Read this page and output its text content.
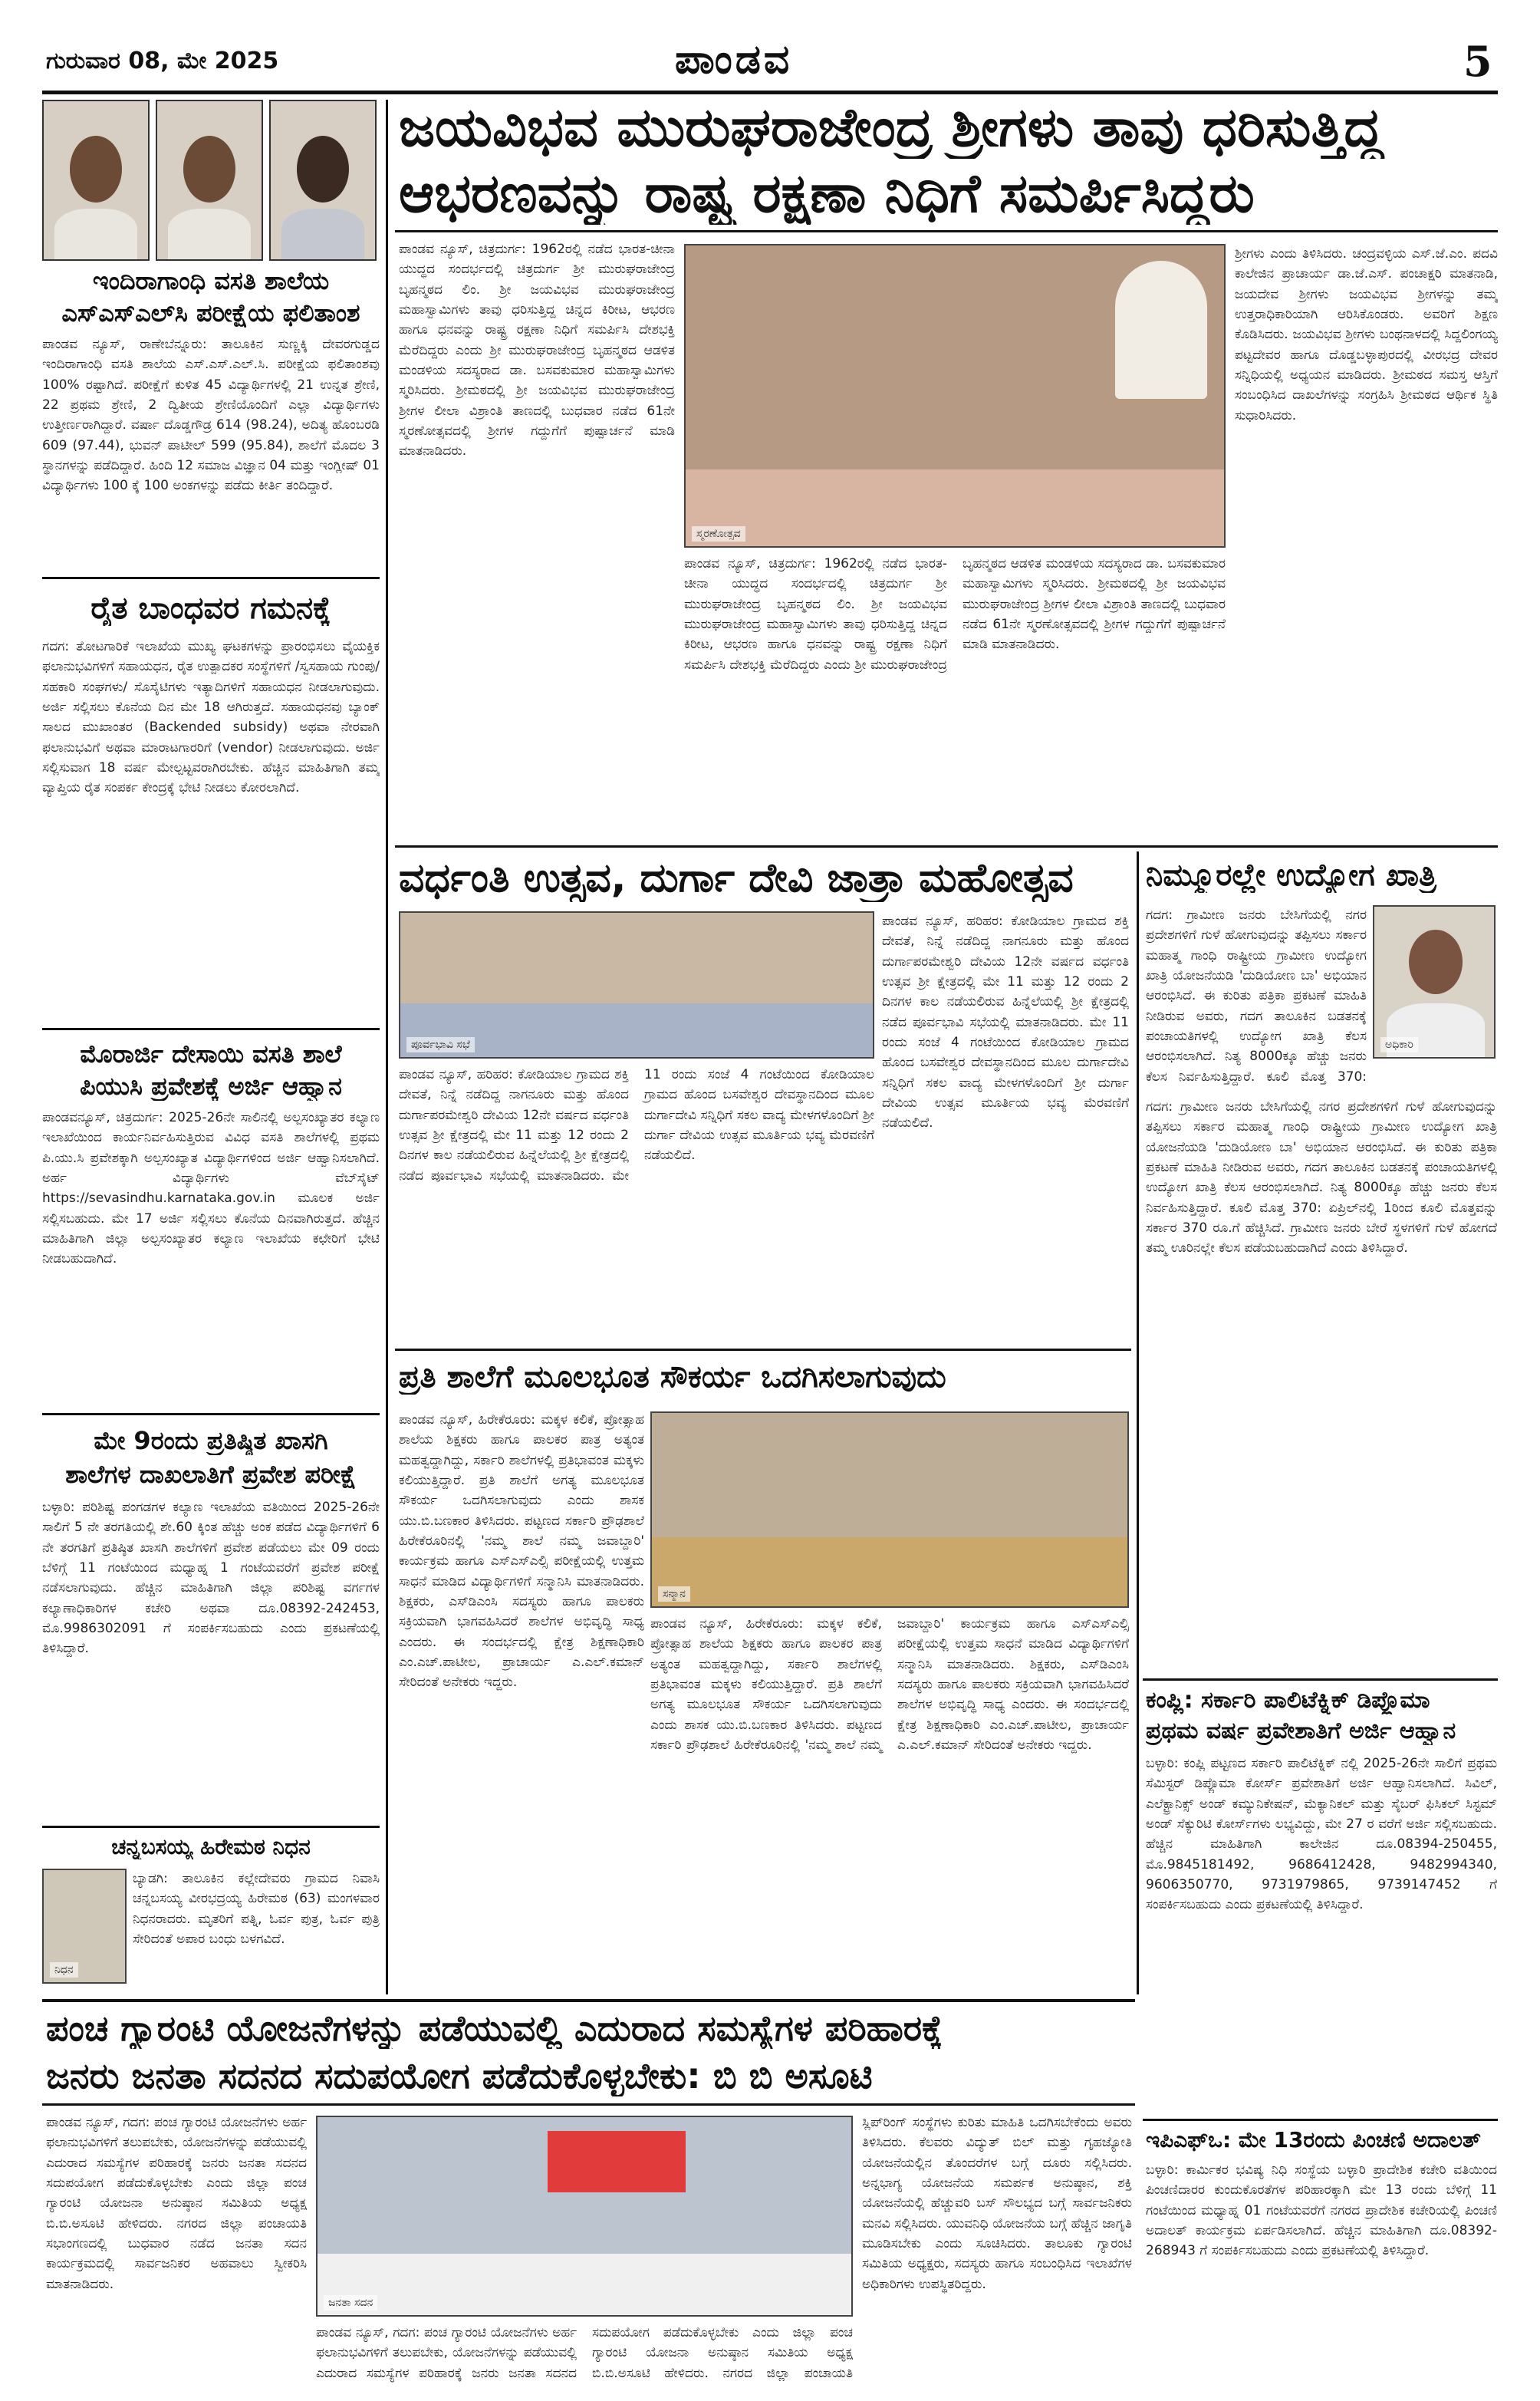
ಗುರುವಾರ 08, ಮೇ 2025	ಪಾಂಡವ	5
ಇಂದಿರಾಗಾಂಧಿ ವಸತಿ ಶಾಲೆಯ
ಎಸ್‌ಎಸ್‌ಎಲ್‌ಸಿ ಪರೀಕ್ಷೆಯ ಫಲಿತಾಂಶ
ಪಾಂಡವ ನ್ಯೂಸ್, ರಾಣೇಬೆನ್ನೂರು: ತಾಲೂಕಿನ ಸುಣ್ಣಕ್ಕಿ ದೇವರಗುಡ್ಡದ ಇಂದಿರಾಗಾಂಧಿ ವಸತಿ ಶಾಲೆಯ ಎಸ್.ಎಸ್.ಎಲ್.ಸಿ. ಪರೀಕ್ಷೆಯ ಫಲಿತಾಂಶವು 100% ರಷ್ಟಾಗಿದೆ. ಪರೀಕ್ಷೆಗೆ ಕುಳಿತ 45 ವಿದ್ಯಾರ್ಥಿಗಳಲ್ಲಿ 21 ಉನ್ನತ ಶ್ರೇಣಿ, 22 ಪ್ರಥಮ ಶ್ರೇಣಿ, 2 ದ್ವಿತೀಯ ಶ್ರೇಣಿಯೊಂದಿಗೆ ಎಲ್ಲಾ ವಿದ್ಯಾರ್ಥಿಗಳು ಉತ್ತೀರ್ಣರಾಗಿದ್ದಾರೆ. ವರ್ಷಾ ದೊಡ್ಡಗೌಡ್ರ 614 (98.24), ಅದಿತ್ಯ ಹೊಂಬರಡಿ 609 (97.44), ಭುವನ್ ಪಾಟೀಲ್ 599 (95.84), ಶಾಲೆಗೆ ಮೊದಲ 3 ಸ್ಥಾನಗಳನ್ನು ಪಡೆದಿದ್ದಾರೆ. ಹಿಂದಿ 12 ಸಮಾಜ ವಿಜ್ಞಾನ 04 ಮತ್ತು ಇಂಗ್ಲೀಷ್ 01 ವಿದ್ಯಾರ್ಥಿಗಳು 100 ಕ್ಕೆ 100 ಅಂಕಗಳನ್ನು ಪಡೆದು ಕೀರ್ತಿ ತಂದಿದ್ದಾರೆ.
ರೈತ ಬಾಂಧವರ ಗಮನಕ್ಕೆ
ಗದಗ: ತೋಟಗಾರಿಕೆ ಇಲಾಖೆಯ ಮುಖ್ಯ ಘಟಕಗಳನ್ನು ಪ್ರಾರಂಭಿಸಲು ವೈಯಕ್ತಿಕ ಫಲಾನುಭವಿಗಳಿಗೆ ಸಹಾಯಧನ, ರೈತ ಉತ್ಪಾದಕರ ಸಂಸ್ಥೆಗಳಿಗೆ /ಸ್ವಸಹಾಯ ಗುಂಪು/ಸಹಕಾರಿ ಸಂಘಗಳು/ ಸೊಸೈಟಿಗಳು ಇತ್ಯಾದಿಗಳಿಗೆ ಸಹಾಯಧನ ನೀಡಲಾಗುವುದು. ಅರ್ಜಿ ಸಲ್ಲಿಸಲು ಕೊನೆಯ ದಿನ ಮೇ 18 ಆಗಿರುತ್ತದೆ. ಸಹಾಯಧನವು ಬ್ಯಾಂಕ್ ಸಾಲದ ಮುಖಾಂತರ (Backended subsidy) ಅಥವಾ ನೇರವಾಗಿ ಫಲಾನುಭವಿಗೆ ಅಥವಾ ಮಾರಾಟಗಾರರಿಗೆ (vendor) ನೀಡಲಾಗುವುದು. ಅರ್ಜಿ ಸಲ್ಲಿಸುವಾಗ 18 ವರ್ಷ ಮೇಲ್ಪಟ್ಟವರಾಗಿರಬೇಕು. ಹೆಚ್ಚಿನ ಮಾಹಿತಿಗಾಗಿ ತಮ್ಮ ವ್ಯಾಪ್ತಿಯ ರೈತ ಸಂಪರ್ಕ ಕೇಂದ್ರಕ್ಕೆ ಭೇಟಿ ನೀಡಲು ಕೋರಲಾಗಿದೆ.
ಮೊರಾರ್ಜಿ ದೇಸಾಯಿ ವಸತಿ ಶಾಲೆ
ಪಿಯುಸಿ ಪ್ರವೇಶಕ್ಕೆ ಅರ್ಜಿ ಆಹ್ವಾನ
ಪಾಂಡವನ್ಯೂಸ್, ಚಿತ್ರದುರ್ಗ: 2025-26ನೇ ಸಾಲಿನಲ್ಲಿ ಅಲ್ಪಸಂಖ್ಯಾತರ ಕಲ್ಯಾಣ ಇಲಾಖೆಯಿಂದ ಕಾರ್ಯನಿರ್ವಹಿಸುತ್ತಿರುವ ವಿವಿಧ ವಸತಿ ಶಾಲೆಗಳಲ್ಲಿ ಪ್ರಥಮ ಪಿ.ಯು.ಸಿ ಪ್ರವೇಶಕ್ಕಾಗಿ ಅಲ್ಪಸಂಖ್ಯಾತ ವಿದ್ಯಾರ್ಥಿಗಳಿಂದ ಅರ್ಜಿ ಆಹ್ವಾನಿಸಲಾಗಿದೆ. ಅರ್ಹ ವಿದ್ಯಾರ್ಥಿಗಳು ವೆಬ್‌ಸೈಟ್ https://sevasindhu.karnataka.gov.in ಮೂಲಕ ಅರ್ಜಿ ಸಲ್ಲಿಸಬಹುದು. ಮೇ 17 ಅರ್ಜಿ ಸಲ್ಲಿಸಲು ಕೊನೆಯ ದಿನವಾಗಿರುತ್ತದೆ. ಹೆಚ್ಚಿನ ಮಾಹಿತಿಗಾಗಿ ಜಿಲ್ಲಾ ಅಲ್ಪಸಂಖ್ಯಾತರ ಕಲ್ಯಾಣ ಇಲಾಖೆಯ ಕಛೇರಿಗೆ ಭೇಟಿ ನೀಡಬಹುದಾಗಿದೆ.
ಮೇ 9ರಂದು ಪ್ರತಿಷ್ಠಿತ ಖಾಸಗಿ
ಶಾಲೆಗಳ ದಾಖಲಾತಿಗೆ ಪ್ರವೇಶ ಪರೀಕ್ಷೆ
ಬಳ್ಳಾರಿ: ಪರಿಶಿಷ್ಟ ಪಂಗಡಗಳ ಕಲ್ಯಾಣ ಇಲಾಖೆಯ ವತಿಯಿಂದ 2025-26ನೇ ಸಾಲಿಗೆ 5 ನೇ ತರಗತಿಯಲ್ಲಿ ಶೇ.60 ಕ್ಕಿಂತ ಹೆಚ್ಚು ಅಂಕ ಪಡೆದ ವಿದ್ಯಾರ್ಥಿಗಳಿಗೆ 6 ನೇ ತರಗತಿಗೆ ಪ್ರತಿಷ್ಠಿತ ಖಾಸಗಿ ಶಾಲೆಗಳಿಗೆ ಪ್ರವೇಶ ಪಡೆಯಲು ಮೇ 09 ರಂದು ಬೆಳಿಗ್ಗೆ 11 ಗಂಟೆಯಿಂದ ಮಧ್ಯಾಹ್ನ 1 ಗಂಟೆಯವರೆಗೆ ಪ್ರವೇಶ ಪರೀಕ್ಷೆ ನಡೆಸಲಾಗುವುದು. ಹೆಚ್ಚಿನ ಮಾಹಿತಿಗಾಗಿ ಜಿಲ್ಲಾ ಪರಿಶಿಷ್ಟ ವರ್ಗಗಳ ಕಲ್ಯಾಣಾಧಿಕಾರಿಗಳ ಕಚೇರಿ ಅಥವಾ ದೂ.08392-242453, ಮೊ.9986302091 ಗೆ ಸಂಪರ್ಕಿಸಬಹುದು ಎಂದು ಪ್ರಕಟಣೆಯಲ್ಲಿ ತಿಳಿಸಿದ್ದಾರೆ.
ಚನ್ನಬಸಯ್ಯ ಹಿರೇಮಠ ನಿಧನ
ನಿಧನ
ಬ್ಯಾಡಗಿ: ತಾಲೂಕಿನ ಕಲ್ಲೇದೇವರು ಗ್ರಾಮದ ನಿವಾಸಿ ಚನ್ನಬಸಯ್ಯ ವೀರಭದ್ರಯ್ಯ ಹಿರೇಮಠ (63) ಮಂಗಳವಾರ ನಿಧನರಾದರು. ಮೃತರಿಗೆ ಪತ್ನಿ, ಓರ್ವ ಪುತ್ರ, ಓರ್ವ ಪುತ್ರಿ ಸೇರಿದಂತೆ ಅಪಾರ ಬಂಧು ಬಳಗವಿದೆ.
ಜಯವಿಭವ ಮುರುಘರಾಜೇಂದ್ರ ಶ್ರೀಗಳು ತಾವು ಧರಿಸುತ್ತಿದ್ದ
ಆಭರಣವನ್ನು ರಾಷ್ಟ್ರ ರಕ್ಷಣಾ ನಿಧಿಗೆ ಸಮರ್ಪಿಸಿದ್ದರು
ಪಾಂಡವ ನ್ಯೂಸ್, ಚಿತ್ರದುರ್ಗ: 1962ರಲ್ಲಿ ನಡೆದ ಭಾರತ-ಚೀನಾ ಯುದ್ಧದ ಸಂದರ್ಭದಲ್ಲಿ ಚಿತ್ರದುರ್ಗ ಶ್ರೀ ಮುರುಘರಾಜೇಂದ್ರ ಬೃಹನ್ಮಠದ ಲಿಂ. ಶ್ರೀ ಜಯವಿಭವ ಮುರುಘರಾಜೇಂದ್ರ ಮಹಾಸ್ವಾಮಿಗಳು ತಾವು ಧರಿಸುತ್ತಿದ್ದ ಚಿನ್ನದ ಕಿರೀಟ, ಆಭರಣ ಹಾಗೂ ಧನವನ್ನು ರಾಷ್ಟ್ರ ರಕ್ಷಣಾ ನಿಧಿಗೆ ಸಮರ್ಪಿಸಿ ದೇಶಭಕ್ತಿ ಮೆರೆದಿದ್ದರು ಎಂದು ಶ್ರೀ ಮುರುಘರಾಜೇಂದ್ರ ಬೃಹನ್ಮಠದ ಆಡಳಿತ ಮಂಡಳಿಯ ಸದಸ್ಯರಾದ ಡಾ. ಬಸವಕುಮಾರ ಮಹಾಸ್ವಾಮಿಗಳು ಸ್ಮರಿಸಿದರು. ಶ್ರೀಮಠದಲ್ಲಿ ಶ್ರೀ ಜಯವಿಭವ ಮುರುಘರಾಜೇಂದ್ರ ಶ್ರೀಗಳ ಲೀಲಾ ವಿಶ್ರಾಂತಿ ತಾಣದಲ್ಲಿ ಬುಧವಾರ ನಡೆದ 61ನೇ ಸ್ಮರಣೋತ್ಸವದಲ್ಲಿ ಶ್ರೀಗಳ ಗದ್ದುಗೆಗೆ ಪುಷ್ಪಾರ್ಚನೆ ಮಾಡಿ ಮಾತನಾಡಿದರು.
ಸ್ಮರಣೋತ್ಸವ
ಪಾಂಡವ ನ್ಯೂಸ್, ಚಿತ್ರದುರ್ಗ: 1962ರಲ್ಲಿ ನಡೆದ ಭಾರತ-ಚೀನಾ ಯುದ್ಧದ ಸಂದರ್ಭದಲ್ಲಿ ಚಿತ್ರದುರ್ಗ ಶ್ರೀ ಮುರುಘರಾಜೇಂದ್ರ ಬೃಹನ್ಮಠದ ಲಿಂ. ಶ್ರೀ ಜಯವಿಭವ ಮುರುಘರಾಜೇಂದ್ರ ಮಹಾಸ್ವಾಮಿಗಳು ತಾವು ಧರಿಸುತ್ತಿದ್ದ ಚಿನ್ನದ ಕಿರೀಟ, ಆಭರಣ ಹಾಗೂ ಧನವನ್ನು ರಾಷ್ಟ್ರ ರಕ್ಷಣಾ ನಿಧಿಗೆ ಸಮರ್ಪಿಸಿ ದೇಶಭಕ್ತಿ ಮೆರೆದಿದ್ದರು ಎಂದು ಶ್ರೀ ಮುರುಘರಾಜೇಂದ್ರ ಬೃಹನ್ಮಠದ ಆಡಳಿತ ಮಂಡಳಿಯ ಸದಸ್ಯರಾದ ಡಾ. ಬಸವಕುಮಾರ ಮಹಾಸ್ವಾಮಿಗಳು ಸ್ಮರಿಸಿದರು. ಶ್ರೀಮಠದಲ್ಲಿ ಶ್ರೀ ಜಯವಿಭವ ಮುರುಘರಾಜೇಂದ್ರ ಶ್ರೀಗಳ ಲೀಲಾ ವಿಶ್ರಾಂತಿ ತಾಣದಲ್ಲಿ ಬುಧವಾರ ನಡೆದ 61ನೇ ಸ್ಮರಣೋತ್ಸವದಲ್ಲಿ ಶ್ರೀಗಳ ಗದ್ದುಗೆಗೆ ಪುಷ್ಪಾರ್ಚನೆ ಮಾಡಿ ಮಾತನಾಡಿದರು.
ಶ್ರೀಗಳು ಎಂದು ತಿಳಿಸಿದರು. ಚಂದ್ರವಳ್ಳಿಯ ಎಸ್.ಜೆ.ಎಂ. ಪದವಿ ಕಾಲೇಜಿನ ಪ್ರಾಚಾರ್ಯ ಡಾ.ಜೆ.ಎಸ್. ಪಂಚಾಕ್ಷರಿ ಮಾತನಾಡಿ, ಜಯದೇವ ಶ್ರೀಗಳು ಜಯವಿಭವ ಶ್ರೀಗಳನ್ನು ತಮ್ಮ ಉತ್ತರಾಧಿಕಾರಿಯಾಗಿ ಆರಿಸಿಕೊಂಡರು. ಅವರಿಗೆ ಶಿಕ್ಷಣ ಕೊಡಿಸಿದರು. ಜಯವಿಭವ ಶ್ರೀಗಳು ಬಂಥನಾಳದಲ್ಲಿ ಸಿದ್ದಲಿಂಗಯ್ಯ ಪಟ್ಟದೇವರ ಹಾಗೂ ದೊಡ್ಡಬಳ್ಳಾಪುರದಲ್ಲಿ ವೀರಭದ್ರ ದೇವರ ಸನ್ನಿಧಿಯಲ್ಲಿ ಅಧ್ಯಯನ ಮಾಡಿದರು. ಶ್ರೀಮಠದ ಸಮಸ್ತ ಆಸ್ತಿಗೆ ಸಂಬಂಧಿಸಿದ ದಾಖಲೆಗಳನ್ನು ಸಂಗ್ರಹಿಸಿ ಶ್ರೀಮಠದ ಆರ್ಥಿಕ ಸ್ಥಿತಿ ಸುಧಾರಿಸಿದರು.
ವರ್ಧಂತಿ ಉತ್ಸವ, ದುರ್ಗಾ ದೇವಿ ಜಾತ್ರಾ ಮಹೋತ್ಸವ
ಪೂರ್ವಭಾವಿ ಸಭೆ
ಪಾಂಡವ ನ್ಯೂಸ್, ಹರಿಹರ: ಕೋಡಿಯಾಲ ಗ್ರಾಮದ ಶಕ್ತಿ ದೇವತೆ, ನಿನ್ನೆ ನಡೆದಿದ್ದ ನಾಗನೂರು ಮತ್ತು ಹೊಂದ ದುರ್ಗಾಪರಮೇಶ್ವರಿ ದೇವಿಯ 12ನೇ ವರ್ಷದ ವರ್ಧಂತಿ ಉತ್ಸವ ಶ್ರೀ ಕ್ಷೇತ್ರದಲ್ಲಿ ಮೇ 11 ಮತ್ತು 12 ರಂದು 2 ದಿನಗಳ ಕಾಲ ನಡೆಯಲಿರುವ ಹಿನ್ನೆಲೆಯಲ್ಲಿ ಶ್ರೀ ಕ್ಷೇತ್ರದಲ್ಲಿ ನಡೆದ ಪೂರ್ವಭಾವಿ ಸಭೆಯಲ್ಲಿ ಮಾತನಾಡಿದರು. ಮೇ 11 ರಂದು ಸಂಜೆ 4 ಗಂಟೆಯಿಂದ ಕೋಡಿಯಾಲ ಗ್ರಾಮದ ಹೊಂದ ಬಸವೇಶ್ವರ ದೇವಸ್ಥಾನದಿಂದ ಮೂಲ ದುರ್ಗಾದೇವಿ ಸನ್ನಿಧಿಗೆ ಸಕಲ ವಾದ್ಯ ಮೇಳಗಳೊಂದಿಗೆ ಶ್ರೀ ದುರ್ಗಾ ದೇವಿಯ ಉತ್ಸವ ಮೂರ್ತಿಯ ಭವ್ಯ ಮೆರವಣಿಗೆ ನಡೆಯಲಿದೆ.
ಪಾಂಡವ ನ್ಯೂಸ್, ಹರಿಹರ: ಕೋಡಿಯಾಲ ಗ್ರಾಮದ ಶಕ್ತಿ ದೇವತೆ, ನಿನ್ನೆ ನಡೆದಿದ್ದ ನಾಗನೂರು ಮತ್ತು ಹೊಂದ ದುರ್ಗಾಪರಮೇಶ್ವರಿ ದೇವಿಯ 12ನೇ ವರ್ಷದ ವರ್ಧಂತಿ ಉತ್ಸವ ಶ್ರೀ ಕ್ಷೇತ್ರದಲ್ಲಿ ಮೇ 11 ಮತ್ತು 12 ರಂದು 2 ದಿನಗಳ ಕಾಲ ನಡೆಯಲಿರುವ ಹಿನ್ನೆಲೆಯಲ್ಲಿ ಶ್ರೀ ಕ್ಷೇತ್ರದಲ್ಲಿ ನಡೆದ ಪೂರ್ವಭಾವಿ ಸಭೆಯಲ್ಲಿ ಮಾತನಾಡಿದರು. ಮೇ 11 ರಂದು ಸಂಜೆ 4 ಗಂಟೆಯಿಂದ ಕೋಡಿಯಾಲ ಗ್ರಾಮದ ಹೊಂದ ಬಸವೇಶ್ವರ ದೇವಸ್ಥಾನದಿಂದ ಮೂಲ ದುರ್ಗಾದೇವಿ ಸನ್ನಿಧಿಗೆ ಸಕಲ ವಾದ್ಯ ಮೇಳಗಳೊಂದಿಗೆ ಶ್ರೀ ದುರ್ಗಾ ದೇವಿಯ ಉತ್ಸವ ಮೂರ್ತಿಯ ಭವ್ಯ ಮೆರವಣಿಗೆ ನಡೆಯಲಿದೆ.
ಪ್ರತಿ ಶಾಲೆಗೆ ಮೂಲಭೂತ ಸೌಕರ್ಯ ಒದಗಿಸಲಾಗುವುದು
ಪಾಂಡವ ನ್ಯೂಸ್, ಹಿರೇಕೆರೂರು: ಮಕ್ಕಳ ಕಲಿಕೆ, ಪ್ರೋತ್ಸಾಹ ಶಾಲೆಯ ಶಿಕ್ಷಕರು ಹಾಗೂ ಪಾಲಕರ ಪಾತ್ರ ಅತ್ಯಂತ ಮಹತ್ವದ್ದಾಗಿದ್ದು, ಸರ್ಕಾರಿ ಶಾಲೆಗಳಲ್ಲಿ ಪ್ರತಿಭಾವಂತ ಮಕ್ಕಳು ಕಲಿಯುತ್ತಿದ್ದಾರೆ. ಪ್ರತಿ ಶಾಲೆಗೆ ಅಗತ್ಯ ಮೂಲಭೂತ ಸೌಕರ್ಯ ಒದಗಿಸಲಾಗುವುದು ಎಂದು ಶಾಸಕ ಯು.ಬಿ.ಬಣಕಾರ ತಿಳಿಸಿದರು. ಪಟ್ಟಣದ ಸರ್ಕಾರಿ ಪ್ರೌಢಶಾಲೆ ಹಿರೇಕೆರೂರಿನಲ್ಲಿ 'ನಮ್ಮ ಶಾಲೆ ನಮ್ಮ ಜವಾಬ್ದಾರಿ' ಕಾರ್ಯಕ್ರಮ ಹಾಗೂ ಎಸ್ಎಸ್ಎಲ್ಸಿ ಪರೀಕ್ಷೆಯಲ್ಲಿ ಉತ್ತಮ ಸಾಧನೆ ಮಾಡಿದ ವಿದ್ಯಾರ್ಥಿಗಳಿಗೆ ಸನ್ಮಾನಿಸಿ ಮಾತನಾಡಿದರು. ಶಿಕ್ಷಕರು, ಎಸ್‌ಡಿಎಂಸಿ ಸದಸ್ಯರು ಹಾಗೂ ಪಾಲಕರು ಸಕ್ರಿಯವಾಗಿ ಭಾಗವಹಿಸಿದರೆ ಶಾಲೆಗಳ ಅಭಿವೃದ್ಧಿ ಸಾಧ್ಯ ಎಂದರು. ಈ ಸಂದರ್ಭದಲ್ಲಿ ಕ್ಷೇತ್ರ ಶಿಕ್ಷಣಾಧಿಕಾರಿ ಎಂ.ಎಚ್.ಪಾಟೀಲ, ಪ್ರಾಚಾರ್ಯ ಎ.ಎಲ್.ಕಮಾನ್ ಸೇರಿದಂತೆ ಅನೇಕರು ಇದ್ದರು.
ಸನ್ಮಾನ
ಪಾಂಡವ ನ್ಯೂಸ್, ಹಿರೇಕೆರೂರು: ಮಕ್ಕಳ ಕಲಿಕೆ, ಪ್ರೋತ್ಸಾಹ ಶಾಲೆಯ ಶಿಕ್ಷಕರು ಹಾಗೂ ಪಾಲಕರ ಪಾತ್ರ ಅತ್ಯಂತ ಮಹತ್ವದ್ದಾಗಿದ್ದು, ಸರ್ಕಾರಿ ಶಾಲೆಗಳಲ್ಲಿ ಪ್ರತಿಭಾವಂತ ಮಕ್ಕಳು ಕಲಿಯುತ್ತಿದ್ದಾರೆ. ಪ್ರತಿ ಶಾಲೆಗೆ ಅಗತ್ಯ ಮೂಲಭೂತ ಸೌಕರ್ಯ ಒದಗಿಸಲಾಗುವುದು ಎಂದು ಶಾಸಕ ಯು.ಬಿ.ಬಣಕಾರ ತಿಳಿಸಿದರು. ಪಟ್ಟಣದ ಸರ್ಕಾರಿ ಪ್ರೌಢಶಾಲೆ ಹಿರೇಕೆರೂರಿನಲ್ಲಿ 'ನಮ್ಮ ಶಾಲೆ ನಮ್ಮ ಜವಾಬ್ದಾರಿ' ಕಾರ್ಯಕ್ರಮ ಹಾಗೂ ಎಸ್ಎಸ್ಎಲ್ಸಿ ಪರೀಕ್ಷೆಯಲ್ಲಿ ಉತ್ತಮ ಸಾಧನೆ ಮಾಡಿದ ವಿದ್ಯಾರ್ಥಿಗಳಿಗೆ ಸನ್ಮಾನಿಸಿ ಮಾತನಾಡಿದರು. ಶಿಕ್ಷಕರು, ಎಸ್‌ಡಿಎಂಸಿ ಸದಸ್ಯರು ಹಾಗೂ ಪಾಲಕರು ಸಕ್ರಿಯವಾಗಿ ಭಾಗವಹಿಸಿದರೆ ಶಾಲೆಗಳ ಅಭಿವೃದ್ಧಿ ಸಾಧ್ಯ ಎಂದರು. ಈ ಸಂದರ್ಭದಲ್ಲಿ ಕ್ಷೇತ್ರ ಶಿಕ್ಷಣಾಧಿಕಾರಿ ಎಂ.ಎಚ್.ಪಾಟೀಲ, ಪ್ರಾಚಾರ್ಯ ಎ.ಎಲ್.ಕಮಾನ್ ಸೇರಿದಂತೆ ಅನೇಕರು ಇದ್ದರು.
ನಿಮ್ಮೂರಲ್ಲೇ ಉದ್ಯೋಗ ಖಾತ್ರಿ
ಅಧಿಕಾರಿ
ಗದಗ: ಗ್ರಾಮೀಣ ಜನರು ಬೇಸಿಗೆಯಲ್ಲಿ ನಗರ ಪ್ರದೇಶಗಳಿಗೆ ಗುಳೆ ಹೋಗುವುದನ್ನು ತಪ್ಪಿಸಲು ಸರ್ಕಾರ ಮಹಾತ್ಮ ಗಾಂಧಿ ರಾಷ್ಟ್ರೀಯ ಗ್ರಾಮೀಣ ಉದ್ಯೋಗ ಖಾತ್ರಿ ಯೋಜನೆಯಡಿ 'ದುಡಿಯೋಣ ಬಾ' ಅಭಿಯಾನ ಆರಂಭಿಸಿದೆ. ಈ ಕುರಿತು ಪತ್ರಿಕಾ ಪ್ರಕಟಣೆ ಮಾಹಿತಿ ನೀಡಿರುವ ಅವರು, ಗದಗ ತಾಲೂಕಿನ ಬಡತನಕ್ಕೆ ಪಂಚಾಯತಿಗಳಲ್ಲಿ ಉದ್ಯೋಗ ಖಾತ್ರಿ ಕೆಲಸ ಆರಂಭಿಸಲಾಗಿದೆ. ನಿತ್ಯ 8000ಕ್ಕೂ ಹೆಚ್ಚು ಜನರು ಕೆಲಸ ನಿರ್ವಹಿಸುತ್ತಿದ್ದಾರೆ. ಕೂಲಿ ಮೊತ್ತ 370:
ಗದಗ: ಗ್ರಾಮೀಣ ಜನರು ಬೇಸಿಗೆಯಲ್ಲಿ ನಗರ ಪ್ರದೇಶಗಳಿಗೆ ಗುಳೆ ಹೋಗುವುದನ್ನು ತಪ್ಪಿಸಲು ಸರ್ಕಾರ ಮಹಾತ್ಮ ಗಾಂಧಿ ರಾಷ್ಟ್ರೀಯ ಗ್ರಾಮೀಣ ಉದ್ಯೋಗ ಖಾತ್ರಿ ಯೋಜನೆಯಡಿ 'ದುಡಿಯೋಣ ಬಾ' ಅಭಿಯಾನ ಆರಂಭಿಸಿದೆ. ಈ ಕುರಿತು ಪತ್ರಿಕಾ ಪ್ರಕಟಣೆ ಮಾಹಿತಿ ನೀಡಿರುವ ಅವರು, ಗದಗ ತಾಲೂಕಿನ ಬಡತನಕ್ಕೆ ಪಂಚಾಯತಿಗಳಲ್ಲಿ ಉದ್ಯೋಗ ಖಾತ್ರಿ ಕೆಲಸ ಆರಂಭಿಸಲಾಗಿದೆ. ನಿತ್ಯ 8000ಕ್ಕೂ ಹೆಚ್ಚು ಜನರು ಕೆಲಸ ನಿರ್ವಹಿಸುತ್ತಿದ್ದಾರೆ. ಕೂಲಿ ಮೊತ್ತ 370: ಏಪ್ರಿಲ್‌ನಲ್ಲಿ 1ರಿಂದ ಕೂಲಿ ಮೊತ್ತವನ್ನು ಸರ್ಕಾರ 370 ರೂ.ಗೆ ಹೆಚ್ಚಿಸಿದೆ. ಗ್ರಾಮೀಣ ಜನರು ಬೇರೆ ಸ್ಥಳಗಳಿಗೆ ಗುಳೆ ಹೋಗದೆ ತಮ್ಮ ಊರಿನಲ್ಲೇ ಕೆಲಸ ಪಡೆಯಬಹುದಾಗಿದೆ ಎಂದು ತಿಳಿಸಿದ್ದಾರೆ.
ಕಂಪ್ಲಿ: ಸರ್ಕಾರಿ ಪಾಲಿಟೆಕ್ನಿಕ್ ಡಿಪ್ಲೊಮಾ
ಪ್ರಥಮ ವರ್ಷ ಪ್ರವೇಶಾತಿಗೆ ಅರ್ಜಿ ಆಹ್ವಾನ
ಬಳ್ಳಾರಿ: ಕಂಪ್ಲಿ ಪಟ್ಟಣದ ಸರ್ಕಾರಿ ಪಾಲಿಟೆಕ್ನಿಕ್ ನಲ್ಲಿ 2025-26ನೇ ಸಾಲಿಗೆ ಪ್ರಥಮ ಸೆಮಿಸ್ಟರ್ ಡಿಪ್ಲೊಮಾ ಕೋರ್ಸ್ ಪ್ರವೇಶಾತಿಗೆ ಅರ್ಜಿ ಆಹ್ವಾನಿಸಲಾಗಿದೆ. ಸಿವಿಲ್, ಎಲೆಕ್ಟ್ರಾನಿಕ್ಸ್ ಅಂಡ್ ಕಮ್ಯುನಿಕೇಷನ್, ಮೆಕ್ಯಾನಿಕಲ್ ಮತ್ತು ಸೈಬರ್ ಫಿಸಿಕಲ್ ಸಿಸ್ಟಮ್ ಅಂಡ್ ಸೆಕ್ಯುರಿಟಿ ಕೋರ್ಸ್‌ಗಳು ಲಭ್ಯವಿದ್ದು, ಮೇ 27 ರ ವರೆಗೆ ಅರ್ಜಿ ಸಲ್ಲಿಸಬಹುದು. ಹೆಚ್ಚಿನ ಮಾಹಿತಿಗಾಗಿ ಕಾಲೇಜಿನ ದೂ.08394-250455, ಮೊ.9845181492, 9686412428, 9482994340, 9606350770, 9731979865, 9739147452 ಗೆ ಸಂಪರ್ಕಿಸಬಹುದು ಎಂದು ಪ್ರಕಟಣೆಯಲ್ಲಿ ತಿಳಿಸಿದ್ದಾರೆ.
ಇಪಿಎಫ್ಒ: ಮೇ 13ರಂದು ಪಿಂಚಣಿ ಅದಾಲತ್
ಬಳ್ಳಾರಿ: ಕಾರ್ಮಿಕರ ಭವಿಷ್ಯ ನಿಧಿ ಸಂಸ್ಥೆಯ ಬಳ್ಳಾರಿ ಪ್ರಾದೇಶಿಕ ಕಚೇರಿ ವತಿಯಿಂದ ಪಿಂಚಣಿದಾರರ ಕುಂದುಕೊರತೆಗಳ ಪರಿಹಾರಕ್ಕಾಗಿ ಮೇ 13 ರಂದು ಬೆಳಿಗ್ಗೆ 11 ಗಂಟೆಯಿಂದ ಮಧ್ಯಾಹ್ನ 01 ಗಂಟೆಯವರೆಗೆ ನಗರದ ಪ್ರಾದೇಶಿಕ ಕಚೇರಿಯಲ್ಲಿ ಪಿಂಚಣಿ ಅದಾಲತ್ ಕಾರ್ಯಕ್ರಮ ಏರ್ಪಡಿಸಲಾಗಿದೆ. ಹೆಚ್ಚಿನ ಮಾಹಿತಿಗಾಗಿ ದೂ.08392-268943 ಗೆ ಸಂಪರ್ಕಿಸಬಹುದು ಎಂದು ಪ್ರಕಟಣೆಯಲ್ಲಿ ತಿಳಿಸಿದ್ದಾರೆ.
ಪಂಚ ಗ್ಯಾರಂಟಿ ಯೋಜನೆಗಳನ್ನು ಪಡೆಯುವಲ್ಲಿ ಎದುರಾದ ಸಮಸ್ಯೆಗಳ ಪರಿಹಾರಕ್ಕೆ
ಜನರು ಜನತಾ ಸದನದ ಸದುಪಯೋಗ ಪಡೆದುಕೊಳ್ಳಬೇಕು: ಬಿ ಬಿ ಅಸೂಟಿ
ಪಾಂಡವ ನ್ಯೂಸ್, ಗದಗ: ಪಂಚ ಗ್ಯಾರಂಟಿ ಯೋಜನೆಗಳು ಅರ್ಹ ಫಲಾನುಭವಿಗಳಿಗೆ ತಲುಪಬೇಕು, ಯೋಜನೆಗಳನ್ನು ಪಡೆಯುವಲ್ಲಿ ಎದುರಾದ ಸಮಸ್ಯೆಗಳ ಪರಿಹಾರಕ್ಕೆ ಜನರು ಜನತಾ ಸದನದ ಸದುಪಯೋಗ ಪಡೆದುಕೊಳ್ಳಬೇಕು ಎಂದು ಜಿಲ್ಲಾ ಪಂಚ ಗ್ಯಾರಂಟಿ ಯೋಜನಾ ಅನುಷ್ಠಾನ ಸಮಿತಿಯ ಅಧ್ಯಕ್ಷ ಬಿ.ಬಿ.ಅಸೂಟಿ ಹೇಳಿದರು. ನಗರದ ಜಿಲ್ಲಾ ಪಂಚಾಯತಿ ಸಭಾಂಗಣದಲ್ಲಿ ಬುಧವಾರ ನಡೆದ ಜನತಾ ಸದನ ಕಾರ್ಯಕ್ರಮದಲ್ಲಿ ಸಾರ್ವಜನಿಕರ ಅಹವಾಲು ಸ್ವೀಕರಿಸಿ ಮಾತನಾಡಿದರು.
ಜನತಾ ಸದನ
ಪಾಂಡವ ನ್ಯೂಸ್, ಗದಗ: ಪಂಚ ಗ್ಯಾರಂಟಿ ಯೋಜನೆಗಳು ಅರ್ಹ ಫಲಾನುಭವಿಗಳಿಗೆ ತಲುಪಬೇಕು, ಯೋಜನೆಗಳನ್ನು ಪಡೆಯುವಲ್ಲಿ ಎದುರಾದ ಸಮಸ್ಯೆಗಳ ಪರಿಹಾರಕ್ಕೆ ಜನರು ಜನತಾ ಸದನದ ಸದುಪಯೋಗ ಪಡೆದುಕೊಳ್ಳಬೇಕು ಎಂದು ಜಿಲ್ಲಾ ಪಂಚ ಗ್ಯಾರಂಟಿ ಯೋಜನಾ ಅನುಷ್ಠಾನ ಸಮಿತಿಯ ಅಧ್ಯಕ್ಷ ಬಿ.ಬಿ.ಅಸೂಟಿ ಹೇಳಿದರು. ನಗರದ ಜಿಲ್ಲಾ ಪಂಚಾಯತಿ
ಸ್ಲಿಪ್‌ರಿಂಗ್ ಸಂಸ್ಥೆಗಳು ಕುರಿತು ಮಾಹಿತಿ ಒದಗಿಸಬೇಕೆಂದು ಅವರು ತಿಳಿಸಿದರು. ಕೆಲವರು ವಿದ್ಯುತ್ ಬಿಲ್ ಮತ್ತು ಗೃಹಜ್ಯೋತಿ ಯೋಜನೆಯಲ್ಲಿನ ತೊಂದರೆಗಳ ಬಗ್ಗೆ ದೂರು ಸಲ್ಲಿಸಿದರು. ಅನ್ನಭಾಗ್ಯ ಯೋಜನೆಯ ಸಮರ್ಪಕ ಅನುಷ್ಠಾನ, ಶಕ್ತಿ ಯೋಜನೆಯಲ್ಲಿ ಹೆಚ್ಚುವರಿ ಬಸ್ ಸೌಲಭ್ಯದ ಬಗ್ಗೆ ಸಾರ್ವಜನಿಕರು ಮನವಿ ಸಲ್ಲಿಸಿದರು. ಯುವನಿಧಿ ಯೋಜನೆಯ ಬಗ್ಗೆ ಹೆಚ್ಚಿನ ಜಾಗೃತಿ ಮೂಡಿಸಬೇಕು ಎಂದು ಸೂಚಿಸಿದರು. ತಾಲೂಕು ಗ್ಯಾರಂಟಿ ಸಮಿತಿಯ ಅಧ್ಯಕ್ಷರು, ಸದಸ್ಯರು ಹಾಗೂ ಸಂಬಂಧಿಸಿದ ಇಲಾಖೆಗಳ ಅಧಿಕಾರಿಗಳು ಉಪಸ್ಥಿತರಿದ್ದರು.
